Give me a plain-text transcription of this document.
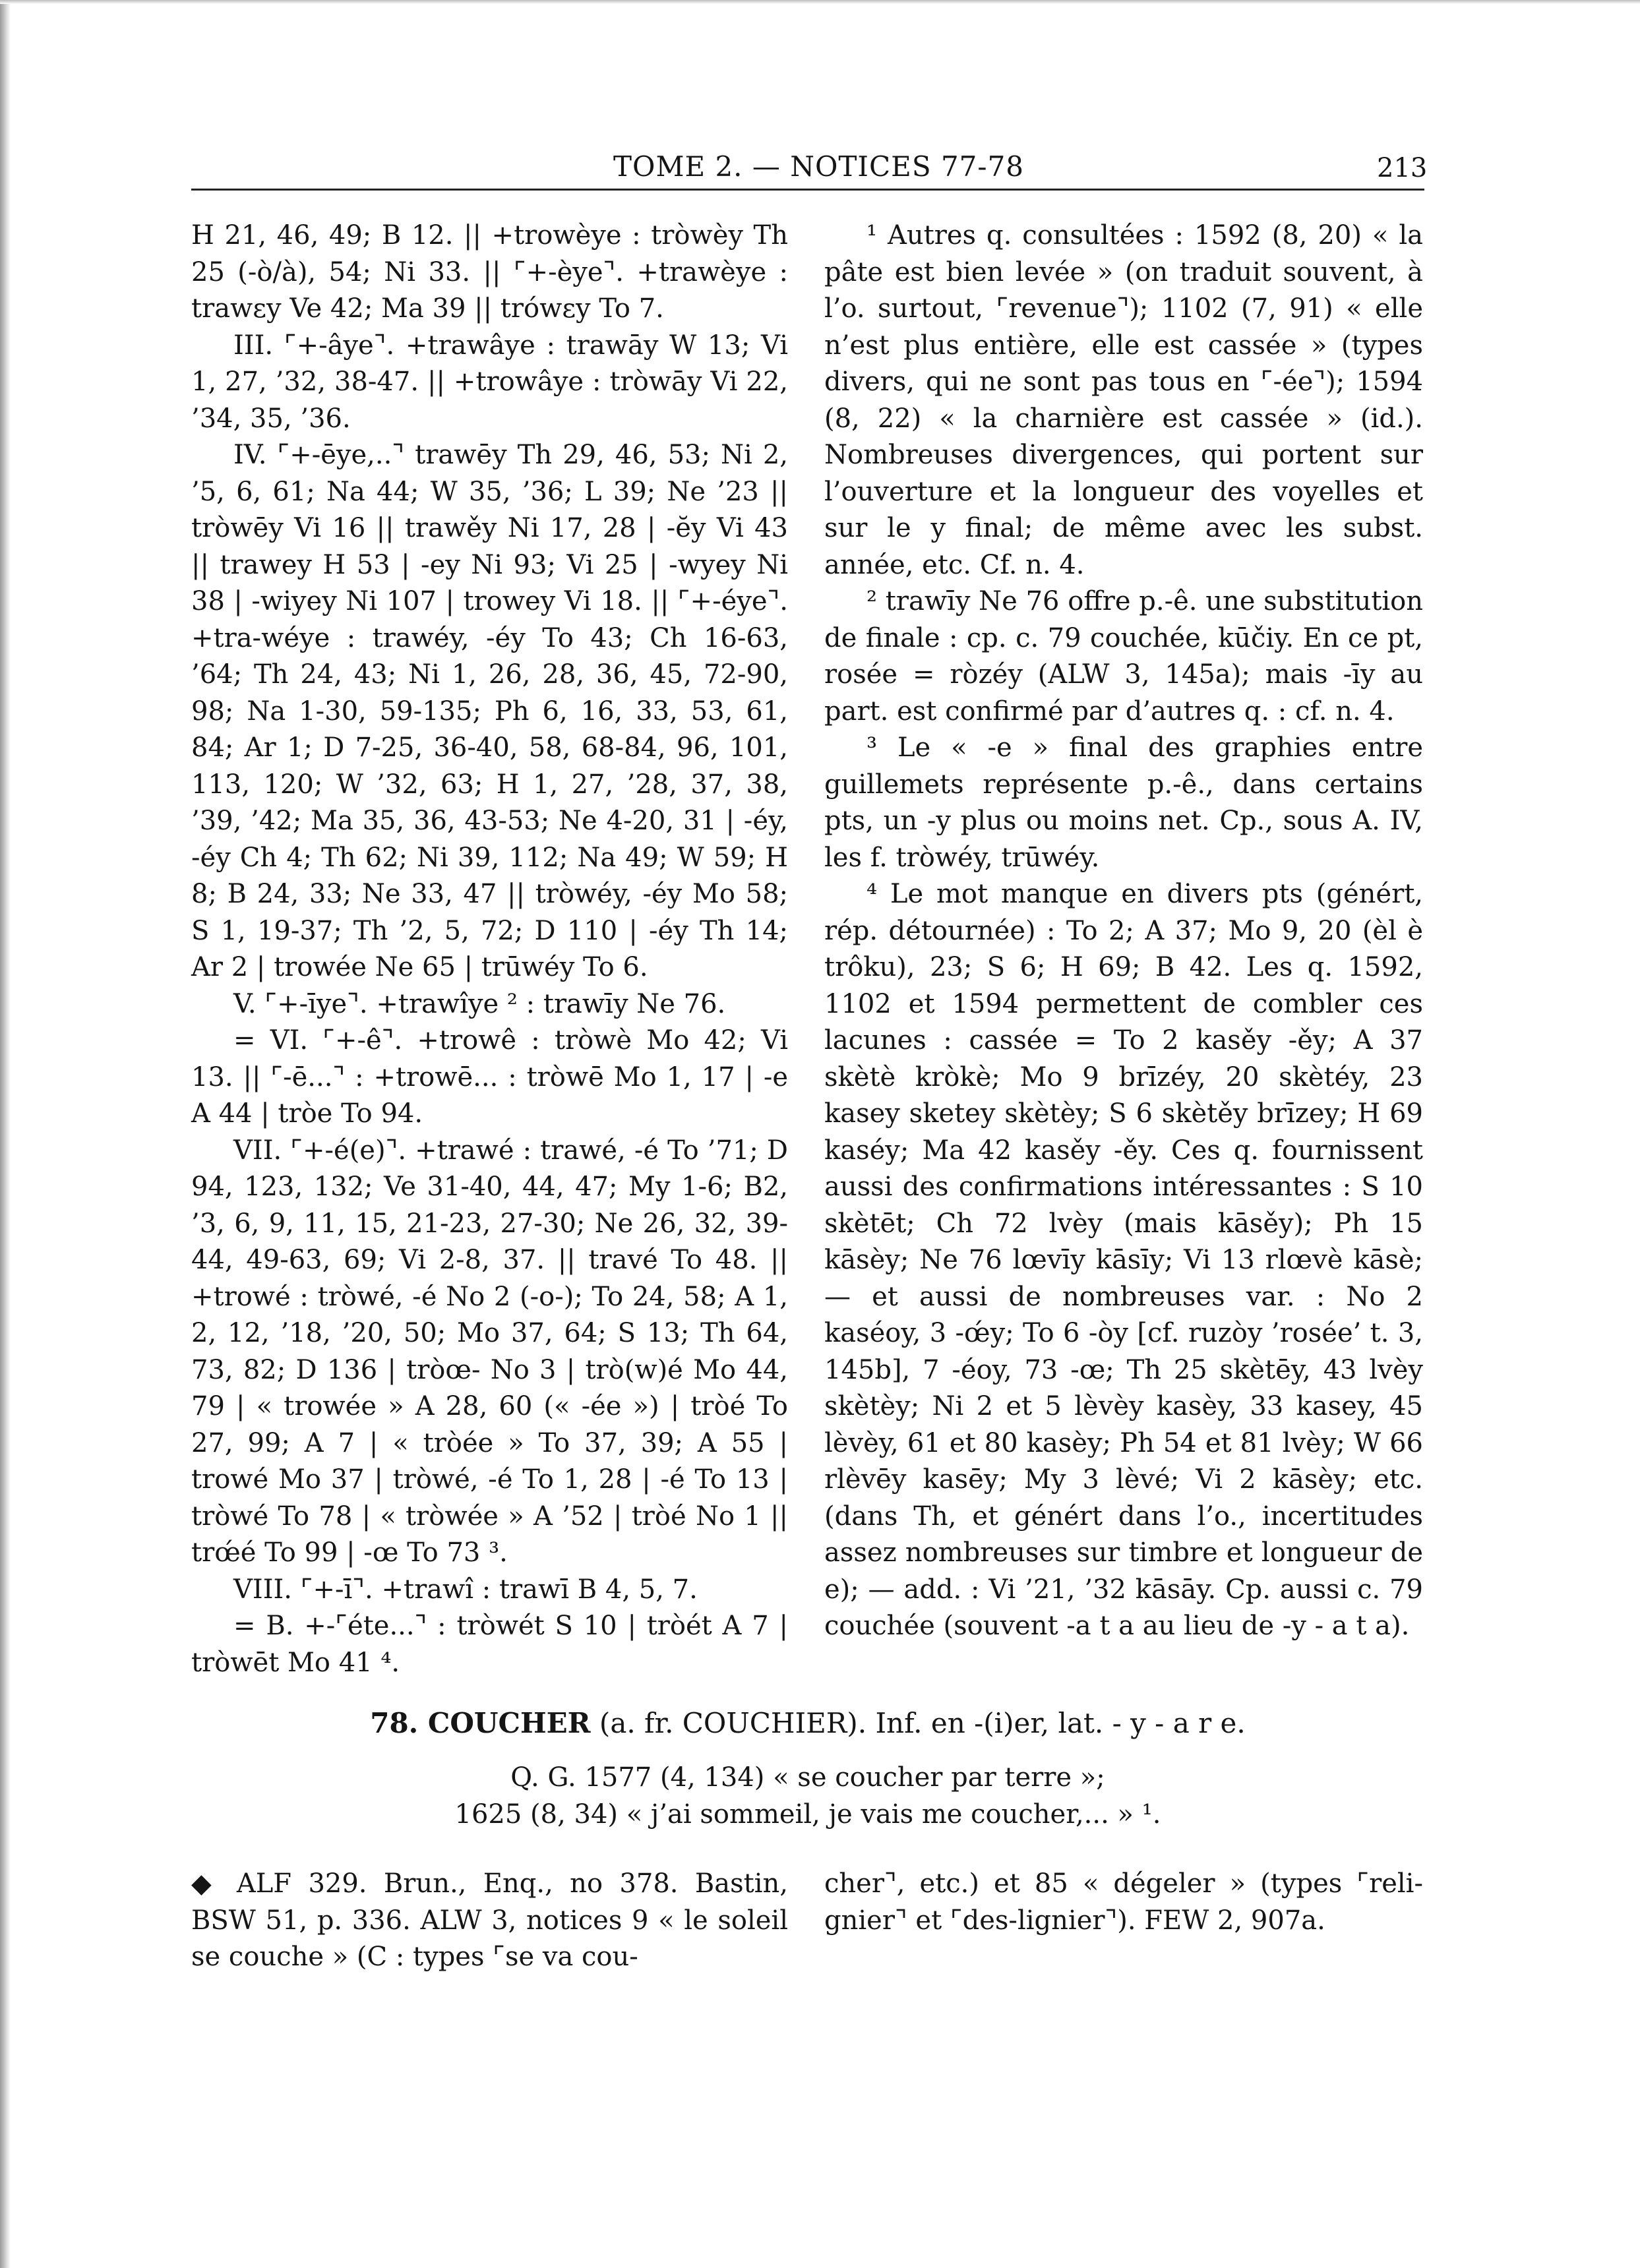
TOME 2. — NOTICES 77-78	213

H 21, 46, 49; B 12. || +trowèye : tròwèy Th 25 (-ò/à), 54; Ni 33. || ⌜+-èye⌝. +trawèye : trawεy Ve 42; Ma 39 || trówεy To 7.

III. ⌜+-âye⌝. +trawâye : trawāy W 13; Vi 1, 27, ’32, 38-47. || +trowâye : tròwāy Vi 22, ’34, 35, ’36.

IV. ⌜+-ēye,..⌝ trawēy Th 29, 46, 53; Ni 2, ’5, 6, 61; Na 44; W 35, ’36; L 39; Ne ’23 || tròwēy Vi 16 || trawěy Ni 17, 28 | -ĕy Vi 43 || trawey H 53 | -ey Ni 93; Vi 25 | -wyey Ni 38 | -wiyey Ni 107 | trowey Vi 18. || ⌜+-éye⌝. +tra-wéye : trawéy, -éy To 43; Ch 16-63, ’64; Th 24, 43; Ni 1, 26, 28, 36, 45, 72-90, 98; Na 1-30, 59-135; Ph 6, 16, 33, 53, 61, 84; Ar 1; D 7-25, 36-40, 58, 68-84, 96, 101, 113, 120; W ’32, 63; H 1, 27, ’28, 37, 38, ’39, ’42; Ma 35, 36, 43-53; Ne 4-20, 31 | -éy, -éy Ch 4; Th 62; Ni 39, 112; Na 49; W 59; H 8; B 24, 33; Ne 33, 47 || tròwéy, -éy Mo 58; S 1, 19-37; Th ’2, 5, 72; D 110 | -éy Th 14; Ar 2 | trowée Ne 65 | trūwéy To 6.

V. ⌜+-īye⌝. +trawîye ² : trawīy Ne 76.

= VI. ⌜+-ê⌝. +trowê : tròwè Mo 42; Vi 13. || ⌜-ē...⌝ : +trowē... : tròwē Mo 1, 17 | -e A 44 | tròe To 94.

VII. ⌜+-é(e)⌝. +trawé : trawé, -é To ’71; D 94, 123, 132; Ve 31-40, 44, 47; My 1-6; B2, ’3, 6, 9, 11, 15, 21-23, 27-30; Ne 26, 32, 39-44, 49-63, 69; Vi 2-8, 37. || travé To 48. || +trowé : tròwé, -é No 2 (-o-); To 24, 58; A 1, 2, 12, ’18, ’20, 50; Mo 37, 64; S 13; Th 64, 73, 82; D 136 | tròœ- No 3 | trò(w)é Mo 44, 79 | « trowée » A 28, 60 (« -ée ») | tròé To 27, 99; A 7 | « tròée » To 37, 39; A 55 | trowé Mo 37 | tròwé, -é To 1, 28 | -é To 13 | tròwé To 78 | « tròwée » A ’52 | tròé No 1 || trœ́é To 99 | -œ To 73 ³.

VIII. ⌜+-ī⌝. +trawî : trawī B 4, 5, 7.

= B. +-⌜éte...⌝ : tròwét S 10 | tròét A 7 | tròwēt Mo 41 ⁴.

¹ Autres q. consultées : 1592 (8, 20) « la pâte est bien levée » (on traduit souvent, à l’o. surtout, ⌜revenue⌝); 1102 (7, 91) « elle n’est plus entière, elle est cassée » (types divers, qui ne sont pas tous en ⌜-ée⌝); 1594 (8, 22) « la charnière est cassée » (id.). Nombreuses divergences, qui portent sur l’ouverture et la longueur des voyelles et sur le y final; de même avec les subst. année, etc. Cf. n. 4.

² trawīy Ne 76 offre p.-ê. une substitution de finale : cp. c. 79 couchée, kūčiy. En ce pt, rosée = ròzéy (ALW 3, 145a); mais -īy au part. est confirmé par d’autres q. : cf. n. 4.

³ Le « -e » final des graphies entre guillemets représente p.-ê., dans certains pts, un -y plus ou moins net. Cp., sous A. IV, les f. tròwéy, trūwéy.

⁴ Le mot manque en divers pts (génért, rép. détournée) : To 2; A 37; Mo 9, 20 (èl è trôku), 23; S 6; H 69; B 42. Les q. 1592, 1102 et 1594 permettent de combler ces lacunes : cassée = To 2 kasěy -ěy; A 37 skètè kròkè; Mo 9 brīzéy, 20 skètéy, 23 kasey sketey skètèy; S 6 skètěy brīzey; H 69 kaséy; Ma 42 kasěy -ěy. Ces q. fournissent aussi des confirmations intéressantes : S 10 skètēt; Ch 72 lvèy (mais kāsěy); Ph 15 kāsèy; Ne 76 lœvīy kāsīy; Vi 13 rlœvè kāsè; — et aussi de nombreuses var. : No 2 kaséoy, 3 -œ́y; To 6 -òy [cf. ruzòy ’rosée’ t. 3, 145b], 7 -éoy, 73 -œ; Th 25 skètēy, 43 lvèy skètèy; Ni 2 et 5 lèvèy kasèy, 33 kasey, 45 lèvèy, 61 et 80 kasèy; Ph 54 et 81 lvèy; W 66 rlèvēy kasēy; My 3 lèvé; Vi 2 kāsèy; etc. (dans Th, et génért dans l’o., incertitudes assez nombreuses sur timbre et longueur de e); — add. : Vi ’21, ’32 kāsāy. Cp. aussi c. 79 couchée (souvent -a t a au lieu de -y - a t a).

78. COUCHER (a. fr. COUCHIER). Inf. en -(i)er, lat. - y - a r e.
Q. G. 1577 (4, 134) « se coucher par terre »;
1625 (8, 34) « j’ai sommeil, je vais me coucher,... » ¹.
◆ ALF 329. Brun., Enq., no 378. Bastin, BSW 51, p. 336. ALW 3, notices 9 « le soleil se couche » (C : types ⌜se va cou-
cher⌝, etc.) et 85 « dégeler » (types ⌜reli-gnier⌝ et ⌜des-lignier⌝). FEW 2, 907a.
